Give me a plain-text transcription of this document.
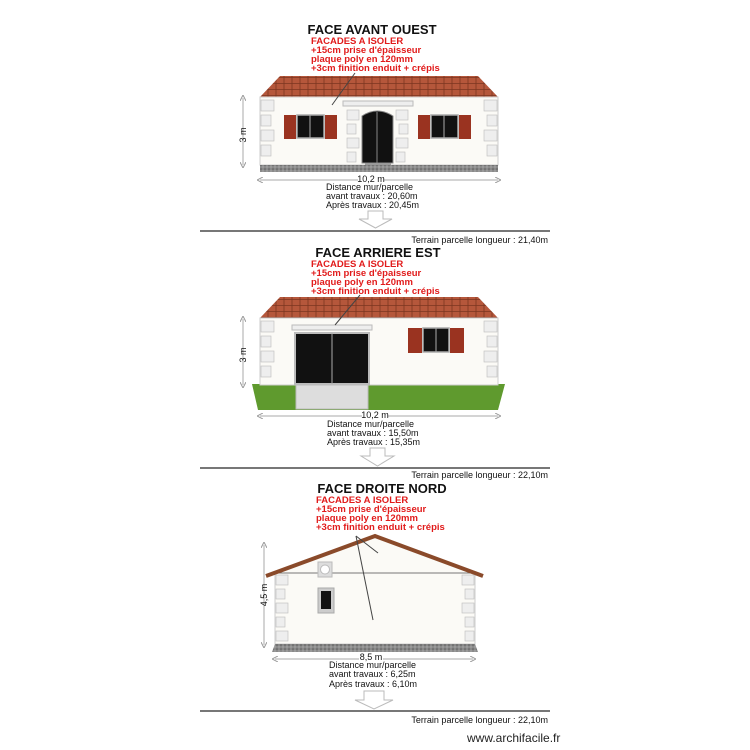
FACE AVANT OUEST
FACADES A ISOLER
+15cm prise d'épaisseur
plaque poly en 120mm
+3cm finition enduit + crépis
3 m
10,2 m
Distance mur/parcelle
avant travaux : 20,60m
Après travaux : 20,45m
Terrain parcelle longueur : 21,40m
FACE ARRIERE EST
FACADES A ISOLER
+15cm prise d'épaisseur
plaque poly en 120mm
+3cm finition enduit + crépis
3 m
10,2 m
Distance mur/parcelle
avant travaux : 15,50m
Après travaux : 15,35m
Terrain parcelle longueur : 22,10m
FACE DROITE NORD
FACADES A ISOLER
+15cm prise d'épaisseur
plaque poly en 120mm
+3cm finition enduit + crépis
4,5 m
8,5 m
Distance mur/parcelle
avant travaux : 6,25m
Après travaux : 6,10m
Terrain parcelle longueur : 22,10m
www.archifacile.fr
